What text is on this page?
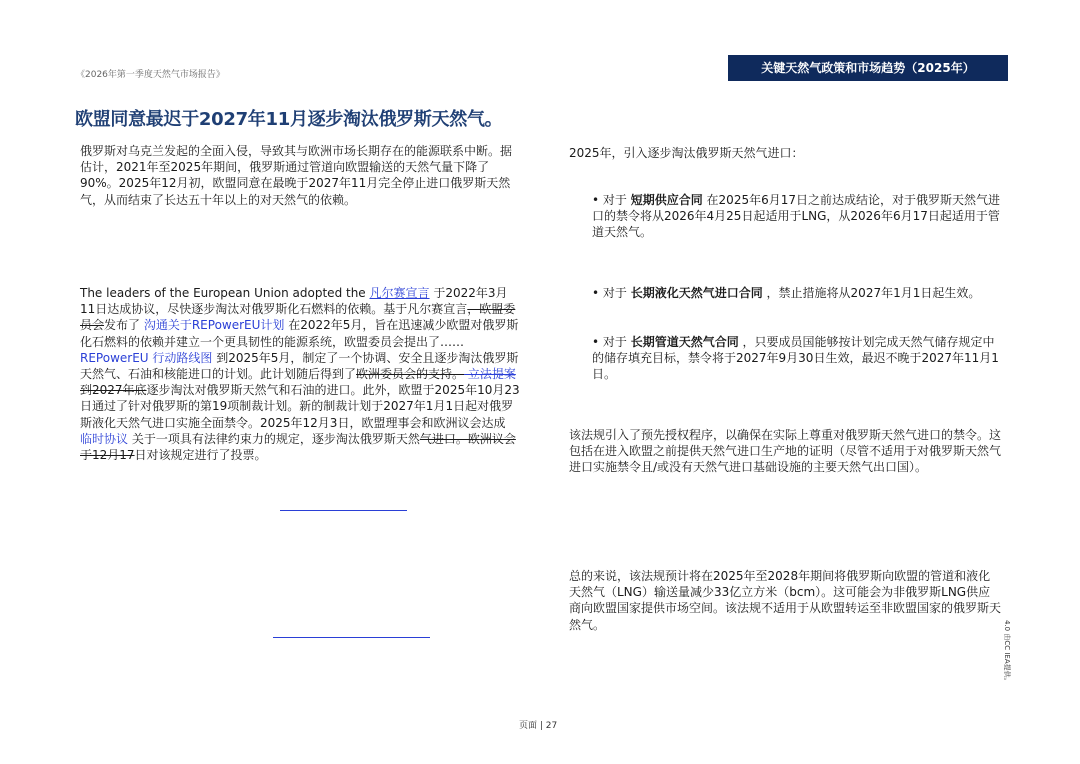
《2026年第一季度天然气市场报告》	关键天然气政策和市场趋势（2025年）
欧盟同意最迟于2027年11月逐步淘汰俄罗斯天然气。
俄罗斯对乌克兰发起的全面入侵，导致其与欧洲市场长期存在的能源联系中断。据估计，2021年至2025年期间，俄罗斯通过管道向欧盟输送的天然气量下降了90%。2025年12月初，欧盟同意在最晚于2027年11月完全停止进口俄罗斯天然气，从而结束了长达五十年以上的对天然气的依赖。
The leaders of the European Union adopted the 凡尔赛宣言 于2022年3月11日达成协议，尽快逐步淘汰对俄罗斯化石燃料的依赖。基于凡尔赛宣言，欧盟委员会发布了 沟通关于REPowerEU计划 在2022年5月，旨在迅速减少欧盟对俄罗斯化石燃料的依赖并建立一个更具韧性的能源系统，欧盟委员会提出了…… REPowerEU 行动路线图 到2025年5月，制定了一个协调、安全且逐步淘汰俄罗斯天然气、石油和核能进口的计划。此计划随后得到了欧洲委员会的支持。 立法提案 到2027年底逐步淘汰对俄罗斯天然气和石油的进口。此外，欧盟于2025年10月23日通过了针对俄罗斯的第19项制裁计划。新的制裁计划于2027年1月1日起对俄罗斯液化天然气进口实施全面禁令。2025年12月3日，欧盟理事会和欧洲议会达成 临时协议 关于一项具有法律约束力的规定，逐步淘汰俄罗斯天然气进口。欧洲议会于12月17日对该规定进行了投票。
2025年，引入逐步淘汰俄罗斯天然气进口：
• 对于 短期供应合同 在2025年6月17日之前达成结论，对于俄罗斯天然气进口的禁令将从2026年4月25日起适用于LNG，从2026年6月17日起适用于管道天然气。
• 对于 长期液化天然气进口合同 ，禁止措施将从2027年1月1日起生效。
• 对于 长期管道天然气合同 ，只要成员国能够按计划完成天然气储存规定中的储存填充目标，禁令将于2027年9月30日生效，最迟不晚于2027年11月1日。
该法规引入了预先授权程序，以确保在实际上尊重对俄罗斯天然气进口的禁令。这包括在进入欧盟之前提供天然气进口生产地的证明（尽管不适用于对俄罗斯天然气进口实施禁令且/或没有天然气进口基础设施的主要天然气出口国）。
总的来说，该法规预计将在2025年至2028年期间将俄罗斯向欧盟的管道和液化天然气（LNG）输送量减少33亿立方米（bcm）。这可能会为非俄罗斯LNG供应商向欧盟国家提供市场空间。该法规不适用于从欧盟转运至非欧盟国家的俄罗斯天然气。
页面 | 27
4.0 由CC IEA提供。
